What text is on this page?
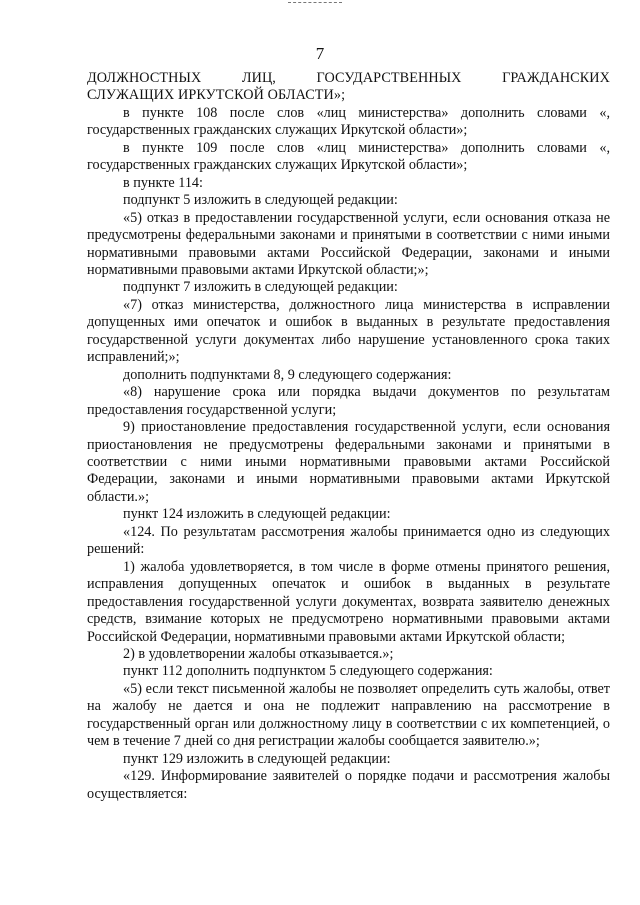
7
ДОЛЖНОСТНЫХ	ЛИЦ,	ГОСУДАРСТВЕННЫХ	ГРАЖДАНСКИХ
СЛУЖАЩИХ ИРКУТСКОЙ ОБЛАСТИ»;

в пункте 108 после слов «лиц министерства» дополнить словами «, государственных гражданских служащих Иркутской области»;

в пункте 109 после слов «лиц министерства» дополнить словами «, государственных гражданских служащих Иркутской области»;

в пункте 114:

подпункт 5 изложить в следующей редакции:

«5) отказ в предоставлении государственной услуги, если основания отказа не предусмотрены федеральными законами и принятыми в соответствии с ними иными нормативными правовыми актами Российской Федерации, законами и иными нормативными правовыми актами Иркутской области;»;

подпункт 7 изложить в следующей редакции:

«7) отказ министерства, должностного лица министерства в исправлении допущенных ими опечаток и ошибок в выданных в результате предоставления государственной услуги документах либо нарушение установленного срока таких исправлений;»;

дополнить подпунктами 8, 9 следующего содержания:

«8) нарушение срока или порядка выдачи документов по результатам предоставления государственной услуги;

9) приостановление предоставления государственной услуги, если основания приостановления не предусмотрены федеральными законами и принятыми в соответствии с ними иными нормативными правовыми актами Российской Федерации, законами и иными нормативными правовыми актами Иркутской области.»;

пункт 124 изложить в следующей редакции:

«124. По результатам рассмотрения жалобы принимается одно из следующих решений:

1) жалоба удовлетворяется, в том числе в форме отмены принятого решения, исправления допущенных опечаток и ошибок в выданных в результате предоставления государственной услуги документах, возврата заявителю денежных средств, взимание которых не предусмотрено нормативными правовыми актами Российской Федерации, нормативными правовыми актами Иркутской области;

2) в удовлетворении жалобы отказывается.»;

пункт 112 дополнить подпунктом 5 следующего содержания:

«5) если текст письменной жалобы не позволяет определить суть жалобы, ответ на жалобу не дается и она не подлежит направлению на рассмотрение в государственный орган или должностному лицу в соответствии с их компетенцией, о чем в течение 7 дней со дня регистрации жалобы сообщается заявителю.»;

пункт 129 изложить в следующей редакции:

«129. Информирование заявителей о порядке подачи и рассмотрения жалобы осуществляется:
